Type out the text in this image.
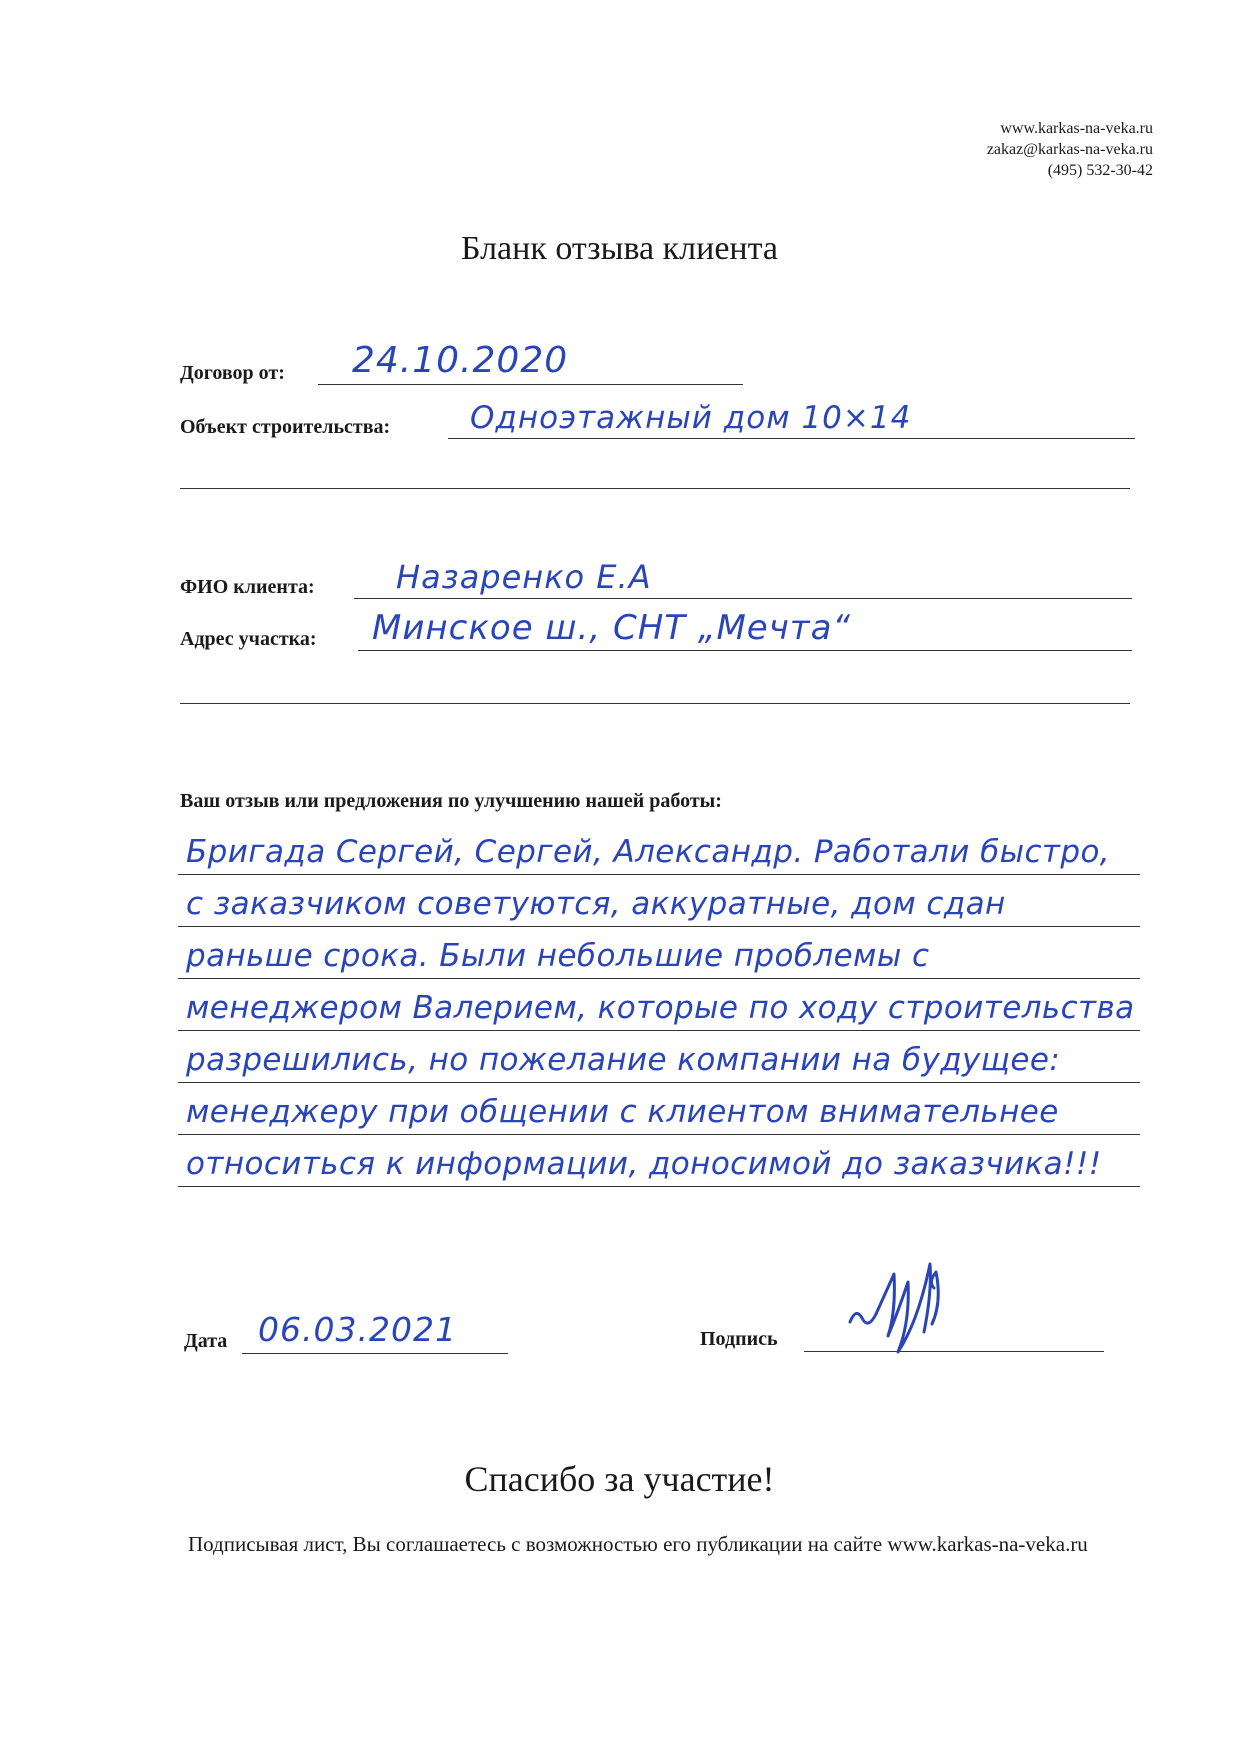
www.karkas-na-veka.ru
zakaz@karkas-na-veka.ru
(495) 532-30-42
Бланк отзыва клиента
Договор от: 24.10.2020
Объект строительства:	Одноэтажный дом 10×14
ФИО клиента:	Назаренко Е.А
Адрес участка: Минское ш., СНТ „Мечта“
Ваш отзыв или предложения по улучшению нашей работы:
Бригада Сергей, Сергей, Александр. Работали быстро,
с заказчиком советуются, аккуратные, дом сдан
раньше срока. Были небольшие проблемы с
менеджером Валерием, которые по ходу строительства
разрешились, но пожелание компании на будущее:
менеджеру при общении с клиентом внимательнее
относиться к информации, доносимой до заказчика!!!
Дата 06.03.2021	Подпись
Спасибо за участие!
Подписывая лист, Вы соглашаетесь с возможностью его публикации на сайте www.karkas-na-veka.ru
